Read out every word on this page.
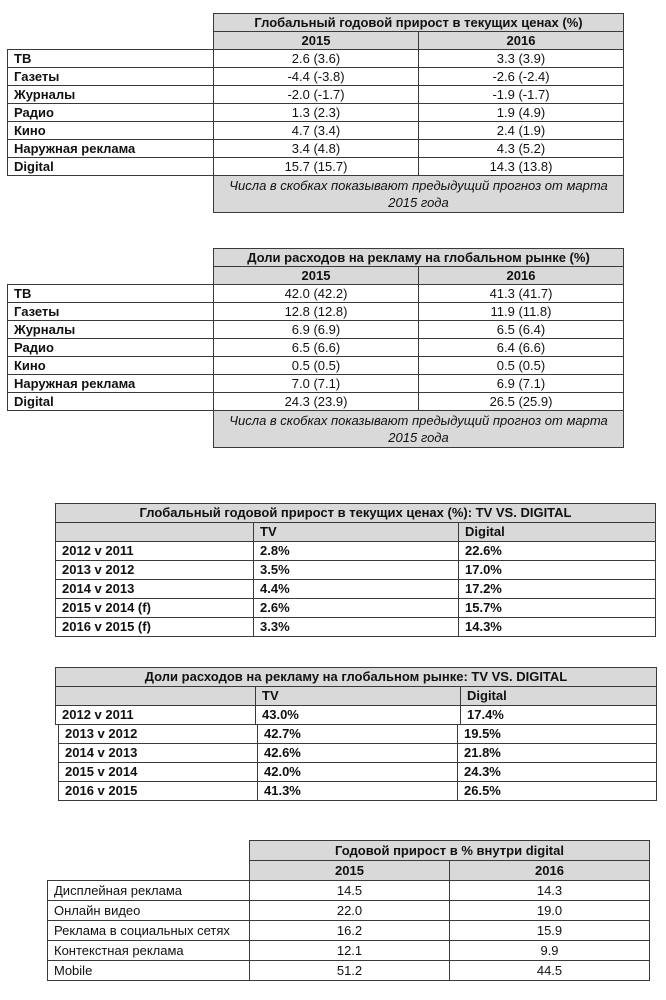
	Глобальный годовой прирост в текущих ценах (%)	
	2015	2016
ТВ	2.6 (3.6)	3.3 (3.9)
Газеты	-4.4 (-3.8)	-2.6 (-2.4)
Журналы	-2.0 (-1.7)	-1.9 (-1.7)
Радио	1.3 (2.3)	1.9 (4.9)
Кино	4.7 (3.4)	2.4 (1.9)
Наружная реклама	3.4 (4.8)	4.3 (5.2)
Digital	15.7 (15.7)	14.3 (13.8)
	Числа в скобках показывают предыдущий прогноз от марта 2015 года	
	Доли расходов на рекламу на глобальном рынке (%)	
	2015	2016
ТВ	42.0 (42.2)	41.3 (41.7)
Газеты	12.8 (12.8)	11.9 (11.8)
Журналы	6.9 (6.9)	6.5 (6.4)
Радио	6.5 (6.6)	6.4 (6.6)
Кино	0.5 (0.5)	0.5 (0.5)
Наружная реклама	7.0 (7.1)	6.9 (7.1)
Digital	24.3 (23.9)	26.5 (25.9)
	Числа в скобках показывают предыдущий прогноз от марта 2015 года	
Глобальный годовой прирост в текущих ценах (%): TV VS. DIGITAL		
	TV	Digital
2012 v 2011	2.8%	22.6%
2013 v 2012	3.5%	17.0%
2014 v 2013	4.4%	17.2%
2015 v 2014 (f)	2.6%	15.7%
2016 v 2015 (f)	3.3%	14.3%
Доли расходов на рекламу на глобальном рынке: TV VS. DIGITAL		
	TV	Digital
2012 v 2011	43.0%	17.4%
2013 v 2012	42.7%	19.5%
2014 v 2013	42.6%	21.8%
2015 v 2014	42.0%	24.3%
2016 v 2015	41.3%	26.5%
	Годовой прирост в % внутри digital	
	2015	2016
Дисплейная реклама	14.5	14.3
Онлайн видео	22.0	19.0
Реклама в социальных сетях	16.2	15.9
Контекстная реклама	12.1	9.9
Mobile	51.2	44.5
